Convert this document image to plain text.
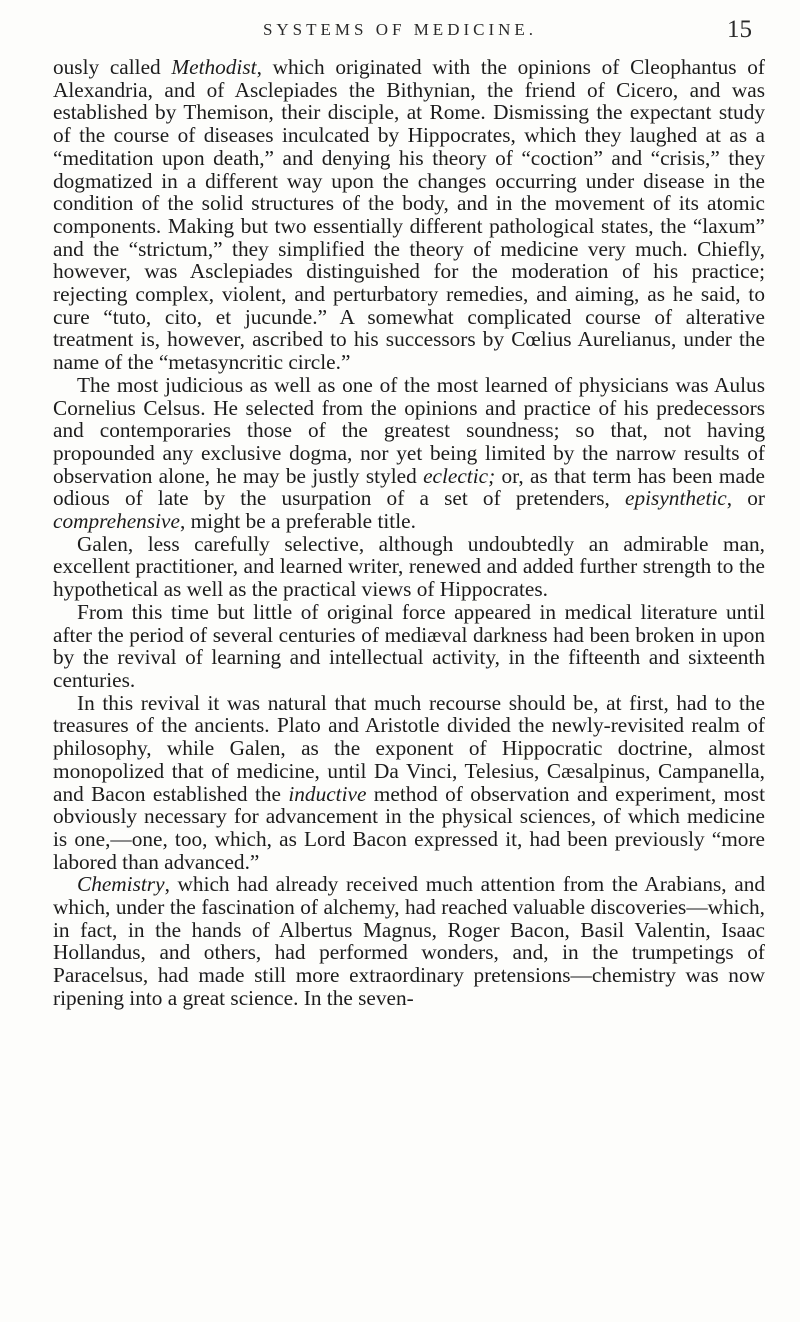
SYSTEMS OF MEDICINE.	15

ously called Methodist, which originated with the opinions of Cleophantus of Alexandria, and of Asclepiades the Bithynian, the friend of Cicero, and was established by Themison, their disciple, at Rome. Dismissing the expectant study of the course of diseases inculcated by Hippocrates, which they laughed at as a “meditation upon death,” and denying his theory of “coction” and “crisis,” they dogmatized in a different way upon the changes occurring under disease in the condition of the solid structures of the body, and in the movement of its atomic components. Making but two essentially different pathological states, the “laxum” and the “strictum,” they simplified the theory of medicine very much. Chiefly, however, was Asclepiades distinguished for the moderation of his practice; rejecting complex, violent, and perturbatory remedies, and aiming, as he said, to cure “tuto, cito, et jucunde.” A somewhat complicated course of alterative treatment is, however, ascribed to his successors by Cœlius Aurelianus, under the name of the “metasyncritic circle.”

The most judicious as well as one of the most learned of physicians was Aulus Cornelius Celsus. He selected from the opinions and practice of his predecessors and contemporaries those of the greatest soundness; so that, not having propounded any exclusive dogma, nor yet being limited by the narrow results of observation alone, he may be justly styled eclectic; or, as that term has been made odious of late by the usurpation of a set of pretenders, episynthetic, or comprehensive, might be a preferable title.

Galen, less carefully selective, although undoubtedly an admirable man, excellent practitioner, and learned writer, renewed and added further strength to the hypothetical as well as the practical views of Hippocrates.

From this time but little of original force appeared in medical literature until after the period of several centuries of mediæval darkness had been broken in upon by the revival of learning and intellectual activity, in the fifteenth and sixteenth centuries.

In this revival it was natural that much recourse should be, at first, had to the treasures of the ancients. Plato and Aristotle divided the newly-revisited realm of philosophy, while Galen, as the exponent of Hippocratic doctrine, almost monopolized that of medicine, until Da Vinci, Telesius, Cæsalpinus, Campanella, and Bacon established the inductive method of observation and experiment, most obviously necessary for advancement in the physical sciences, of which medicine is one,—one, too, which, as Lord Bacon expressed it, had been previously “more labored than advanced.”

Chemistry, which had already received much attention from the Arabians, and which, under the fascination of alchemy, had reached valuable discoveries—which, in fact, in the hands of Albertus Magnus, Roger Bacon, Basil Valentin, Isaac Hollandus, and others, had performed wonders, and, in the trumpetings of Paracelsus, had made still more extraordinary pretensions—chemistry was now ripening into a great science. In the seven-
